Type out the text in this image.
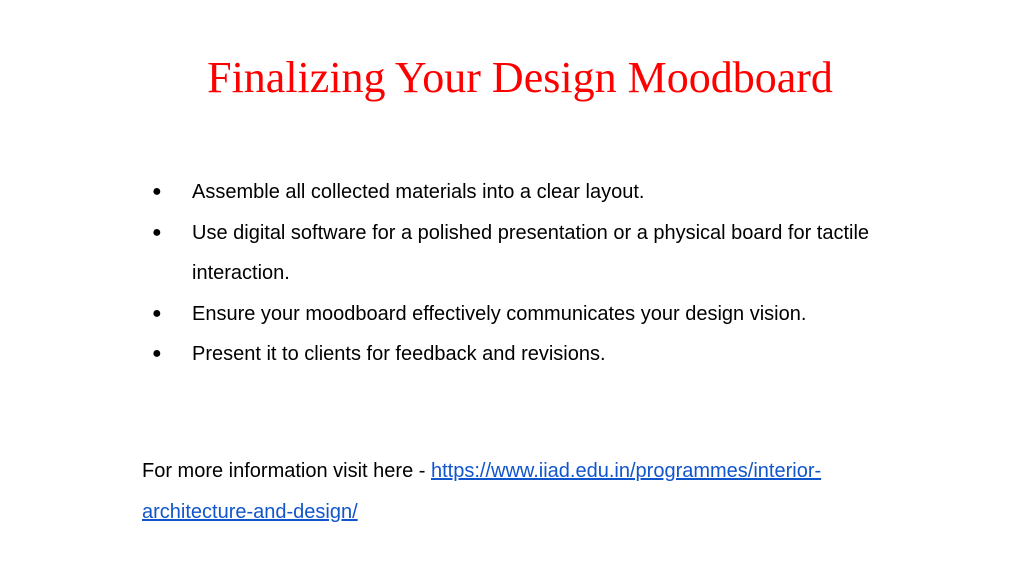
Finalizing Your Design Moodboard
●	Assemble all collected materials into a clear layout.
●	Use digital software for a polished presentation or a physical board for tactile interaction.
●	Ensure your moodboard effectively communicates your design vision.
●	Present it to clients for feedback and revisions.

For more information visit here - https://www.iiad.edu.in/programmes/interior-architecture-and-design/
